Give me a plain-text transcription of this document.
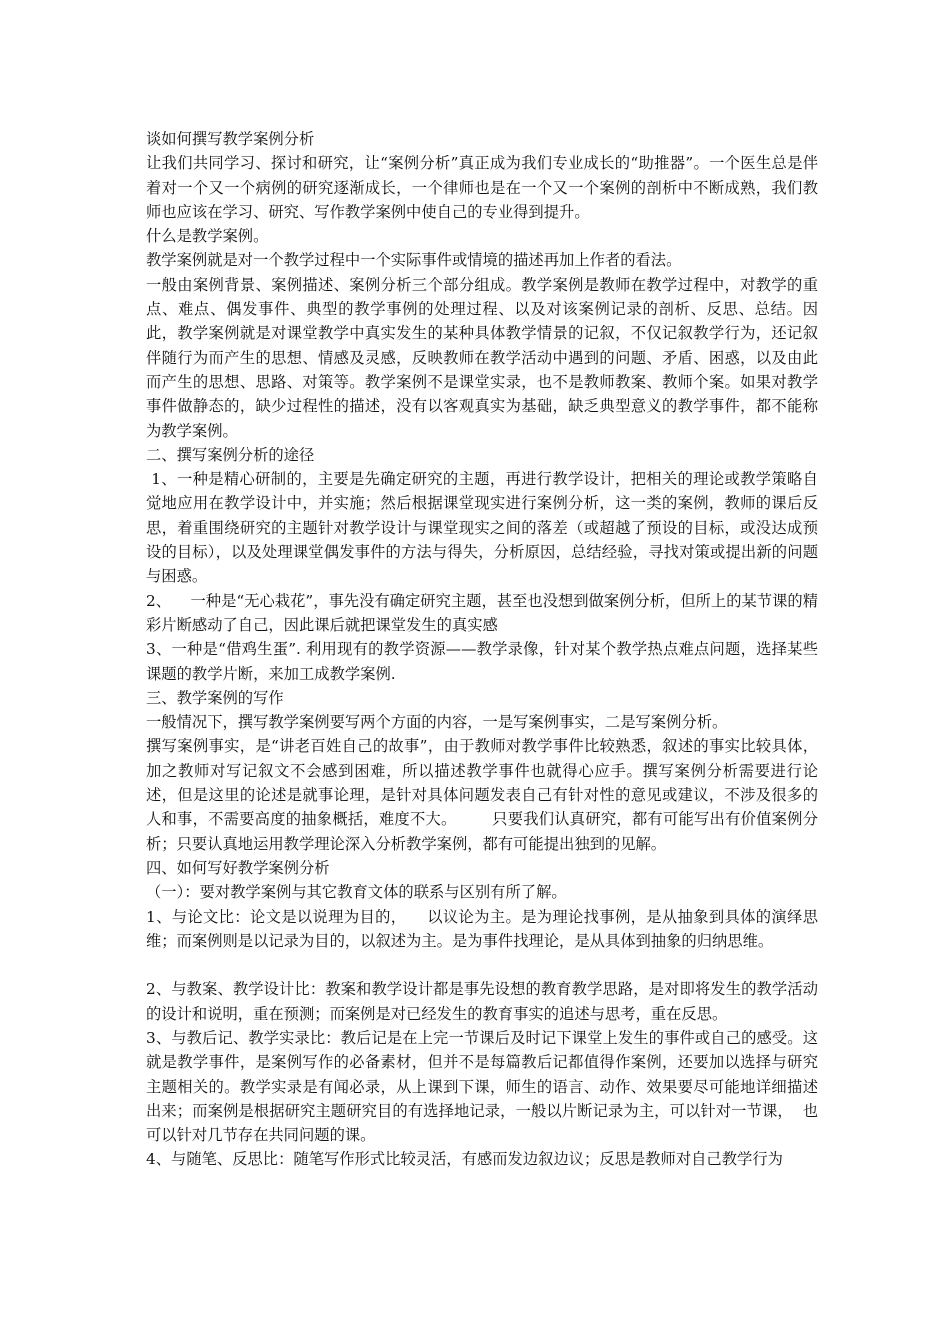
谈如何撰写教学案例分析

让我们共同学习、探讨和研究，让“案例分析”真正成为我们专业成长的“助推器”。一个医生总是伴着对一个又一个病例的研究逐渐成长，一个律师也是在一个又一个案例的剖析中不断成熟，我们教师也应该在学习、研究、写作教学案例中使自己的专业得到提升。

什么是教学案例。

教学案例就是对一个教学过程中一个实际事件或情境的描述再加上作者的看法。

一般由案例背景、案例描述、案例分析三个部分组成。教学案例是教师在教学过程中，对教学的重点、难点、偶发事件、典型的教学事例的处理过程、以及对该案例记录的剖析、反思、总结。因此，教学案例就是对课堂教学中真实发生的某种具体教学情景的记叙，不仅记叙教学行为，还记叙伴随行为而产生的思想、情感及灵感，反映教师在教学活动中遇到的问题、矛盾、困惑，以及由此而产生的思想、思路、对策等。教学案例不是课堂实录，也不是教师教案、教师个案。如果对教学事件做静态的，缺少过程性的描述，没有以客观真实为基础，缺乏典型意义的教学事件，都不能称为教学案例。

二、撰写案例分析的途径

1、一种是精心研制的，主要是先确定研究的主题，再进行教学设计，把相关的理论或教学策略自觉地应用在教学设计中，并实施；然后根据课堂现实进行案例分析，这一类的案例，教师的课后反思，着重围绕研究的主题针对教学设计与课堂现实之间的落差（或超越了预设的目标，或没达成预设的目标），以及处理课堂偶发事件的方法与得失，分析原因，总结经验，寻找对策或提出新的问题与困惑。

2、    一种是“无心栽花”，事先没有确定研究主题，甚至也没想到做案例分析，但所上的某节课的精彩片断感动了自己，因此课后就把课堂发生的真实感

3、一种是“借鸡生蛋”. 利用现有的教学资源——教学录像，针对某个教学热点难点问题，选择某些课题的教学片断，来加工成教学案例.

三、教学案例的写作

一般情况下，撰写教学案例要写两个方面的内容，一是写案例事实，二是写案例分析。

撰写案例事实，是“讲老百姓自己的故事”，由于教师对教学事件比较熟悉，叙述的事实比较具体，加之教师对写记叙文不会感到困难，所以描述教学事件也就得心应手。撰写案例分析需要进行论述，但是这里的论述是就事论理，是针对具体问题发表自己有针对性的意见或建议，不涉及很多的人和事，不需要高度的抽象概括，难度不大。       只要我们认真研究，都有可能写出有价值案例分析；只要认真地运用教学理论深入分析教学案例，都有可能提出独到的见解。

四、如何写好教学案例分析

（一）：要对教学案例与其它教育文体的联系与区别有所了解。

1、与论文比：论文是以说理为目的，    以议论为主。是为理论找事例，是从抽象到具体的演绎思维；而案例则是以记录为目的，以叙述为主。是为事件找理论，是从具体到抽象的归纳思维。

2、与教案、教学设计比：教案和教学设计都是事先设想的教育教学思路，是对即将发生的教学活动的设计和说明，重在预测；而案例是对已经发生的教育事实的追述与思考，重在反思。

3、与教后记、教学实录比：教后记是在上完一节课后及时记下课堂上发生的事件或自己的感受。这就是教学事件，是案例写作的必备素材，但并不是每篇教后记都值得作案例，还要加以选择与研究主题相关的。教学实录是有闻必录，从上课到下课，师生的语言、动作、效果要尽可能地详细描述出来；而案例是根据研究主题研究目的有选择地记录，一般以片断记录为主，可以针对一节课，  也可以针对几节存在共同问题的课。

4、与随笔、反思比：随笔写作形式比较灵活，有感而发边叙边议；反思是教师对自己教学行为
